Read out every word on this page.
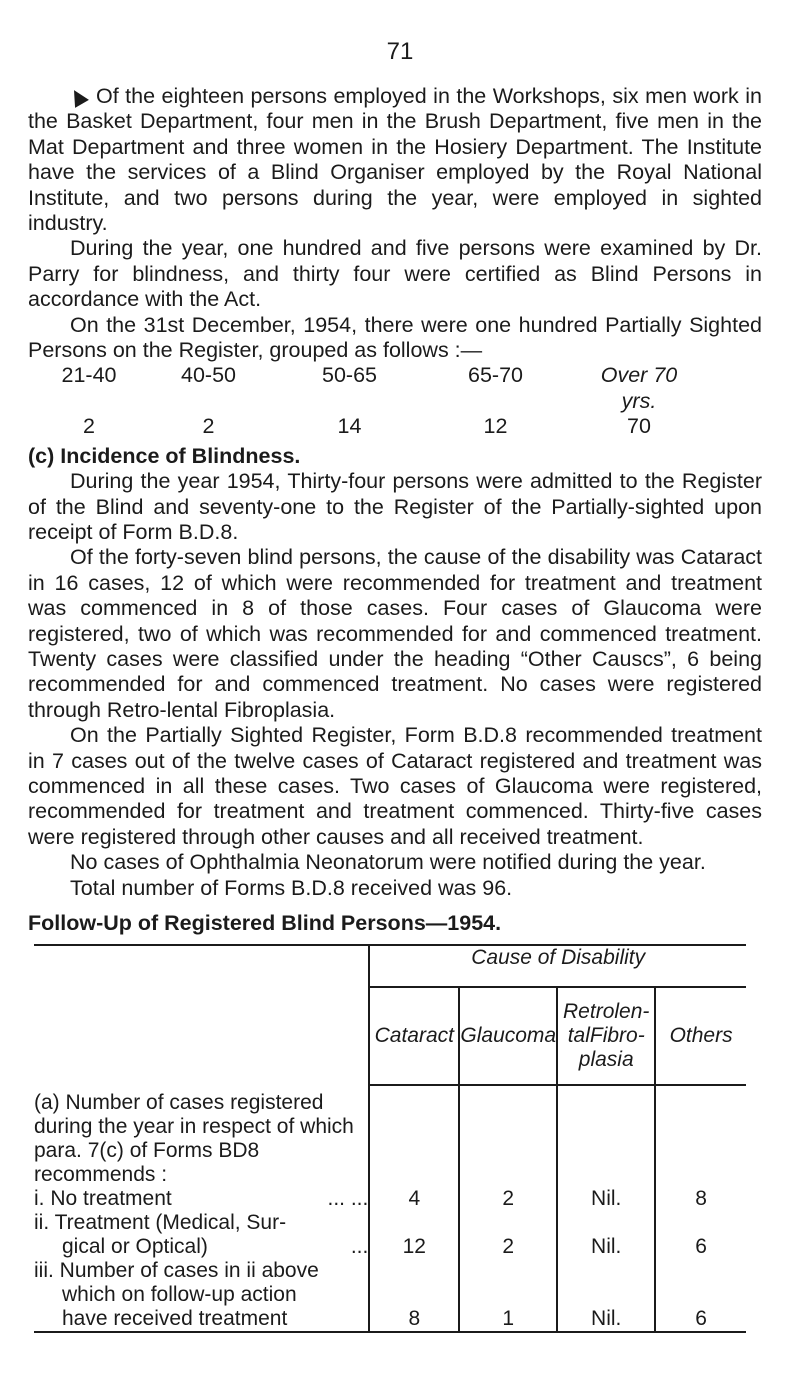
71

Of the eighteen persons employed in the Workshops, six men work in the Basket Department, four men in the Brush Department, five men in the Mat Department and three women in the Hosiery Department. The Institute have the services of a Blind Organiser employed by the Royal National Institute, and two persons during the year, were employed in sighted industry.

During the year, one hundred and five persons were examined by Dr. Parry for blindness, and thirty four were certified as Blind Persons in accordance with the Act.

On the 31st December, 1954, there were one hundred Partially Sighted Persons on the Register, grouped as follows :—

21-40	40-50	50-65	65-70	Over 70 yrs.
2	2	14	12	70

(c) Incidence of Blindness.

During the year 1954, Thirty-four persons were admitted to the Register of the Blind and seventy-one to the Register of the Partially-sighted upon receipt of Form B.D.8.

Of the forty-seven blind persons, the cause of the disability was Cataract in 16 cases, 12 of which were recommended for treatment and treatment was commenced in 8 of those cases. Four cases of Glaucoma were registered, two of which was recommended for and commenced treatment. Twenty cases were classified under the heading “Other Causcs”, 6 being recommended for and commenced treatment. No cases were registered through Retro-lental Fibroplasia.

On the Partially Sighted Register, Form B.D.8 recommended treatment in 7 cases out of the twelve cases of Cataract registered and treatment was commenced in all these cases. Two cases of Glaucoma were registered, recommended for treatment and treatment commenced. Thirty-five cases were registered through other causes and all received treatment.

No cases of Ophthalmia Neonatorum were notified during the year.

Total number of Forms B.D.8 received was 96.

Follow-Up of Registered Blind Persons—1954.

	Cause of Disability			
	Cataract	Glaucoma	Retrolen-talFibro-plasia	Others
(a) Number of cases registered during the year in respect of which para. 7(c) of Forms BD8 recommends :				

i. No treatment ... ...	4	2	Nil.	8

ii. Treatment (Medical, Sur-
gical or Optical) ...	12	2	Nil.	6

iii. Number of cases in ii above
which on follow-up action
have received treatment	8	1	Nil.	6
